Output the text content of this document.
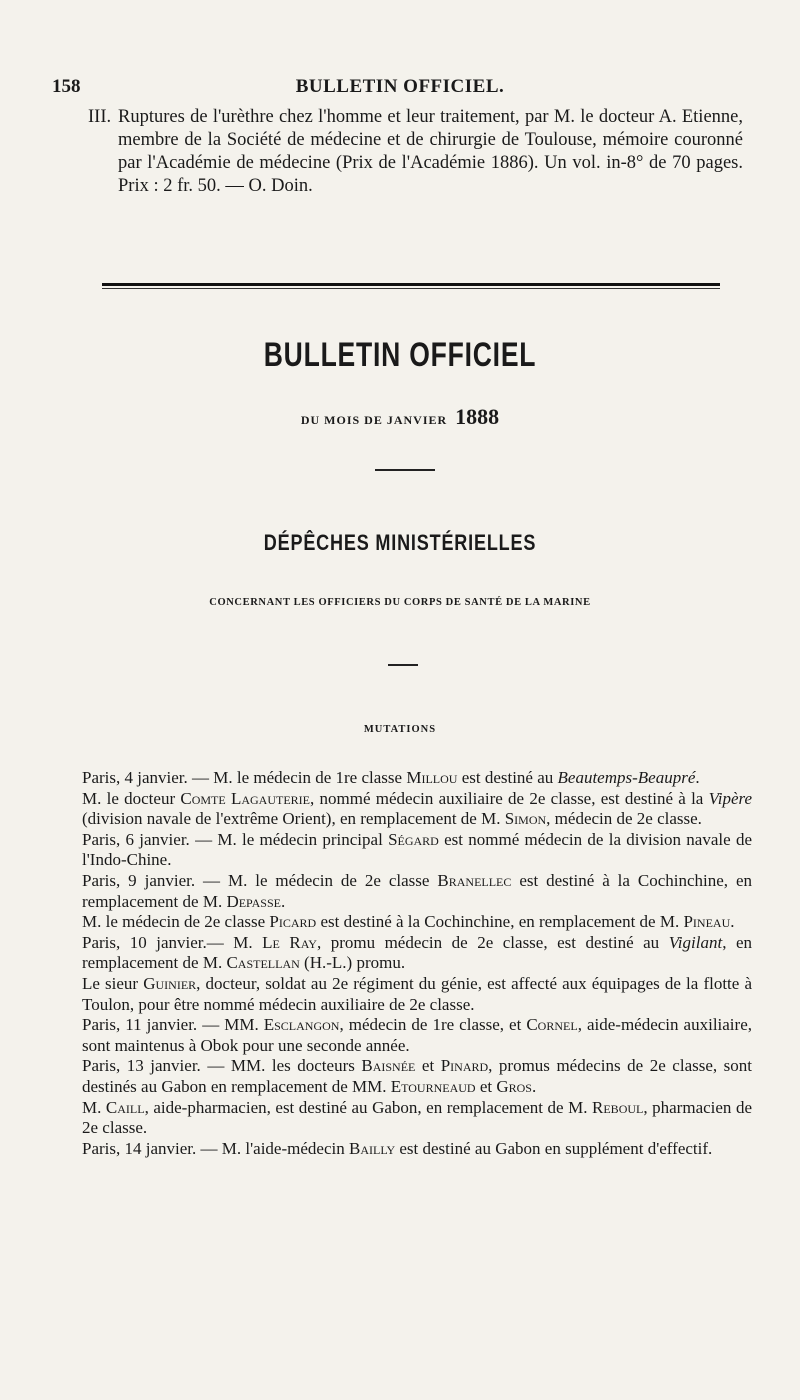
158	BULLETIN OFFICIEL.
III. Ruptures de l'urèthre chez l'homme et leur traitement, par M. le docteur A. Etienne, membre de la Société de médecine et de chirurgie de Toulouse, mémoire couronné par l'Académie de médecine (Prix de l'Académie 1886). Un vol. in-8° de 70 pages. Prix : 2 fr. 50. — O. Doin.
BULLETIN OFFICIEL
DU MOIS DE JANVIER 1888
DÉPÊCHES MINISTÉRIELLES
CONCERNANT LES OFFICIERS DU CORPS DE SANTÉ DE LA MARINE
MUTATIONS

Paris, 4 janvier. — M. le médecin de 1re classe Millou est destiné au Beautemps-Beaupré.

M. le docteur Comte Lagauterie, nommé médecin auxiliaire de 2e classe, est destiné à la Vipère (division navale de l'extrême Orient), en remplacement de M. Simon, médecin de 2e classe.

Paris, 6 janvier. — M. le médecin principal Ségard est nommé médecin de la division navale de l'Indo-Chine.

Paris, 9 janvier. — M. le médecin de 2e classe Branellec est destiné à la Cochinchine, en remplacement de M. Depasse.

M. le médecin de 2e classe Picard est destiné à la Cochinchine, en remplacement de M. Pineau.

Paris, 10 janvier.— M. Le Ray, promu médecin de 2e classe, est destiné au Vigilant, en remplacement de M. Castellan (H.-L.) promu.

Le sieur Guinier, docteur, soldat au 2e régiment du génie, est affecté aux équipages de la flotte à Toulon, pour être nommé médecin auxiliaire de 2e classe.

Paris, 11 janvier. — MM. Esclangon, médecin de 1re classe, et Cornel, aide-médecin auxiliaire, sont maintenus à Obok pour une seconde année.

Paris, 13 janvier. — MM. les docteurs Baisnée et Pinard, promus médecins de 2e classe, sont destinés au Gabon en remplacement de MM. Etourneaud et Gros.

M. Caill, aide-pharmacien, est destiné au Gabon, en remplacement de M. Reboul, pharmacien de 2e classe.

Paris, 14 janvier. — M. l'aide-médecin Bailly est destiné au Gabon en supplément d'effectif.
